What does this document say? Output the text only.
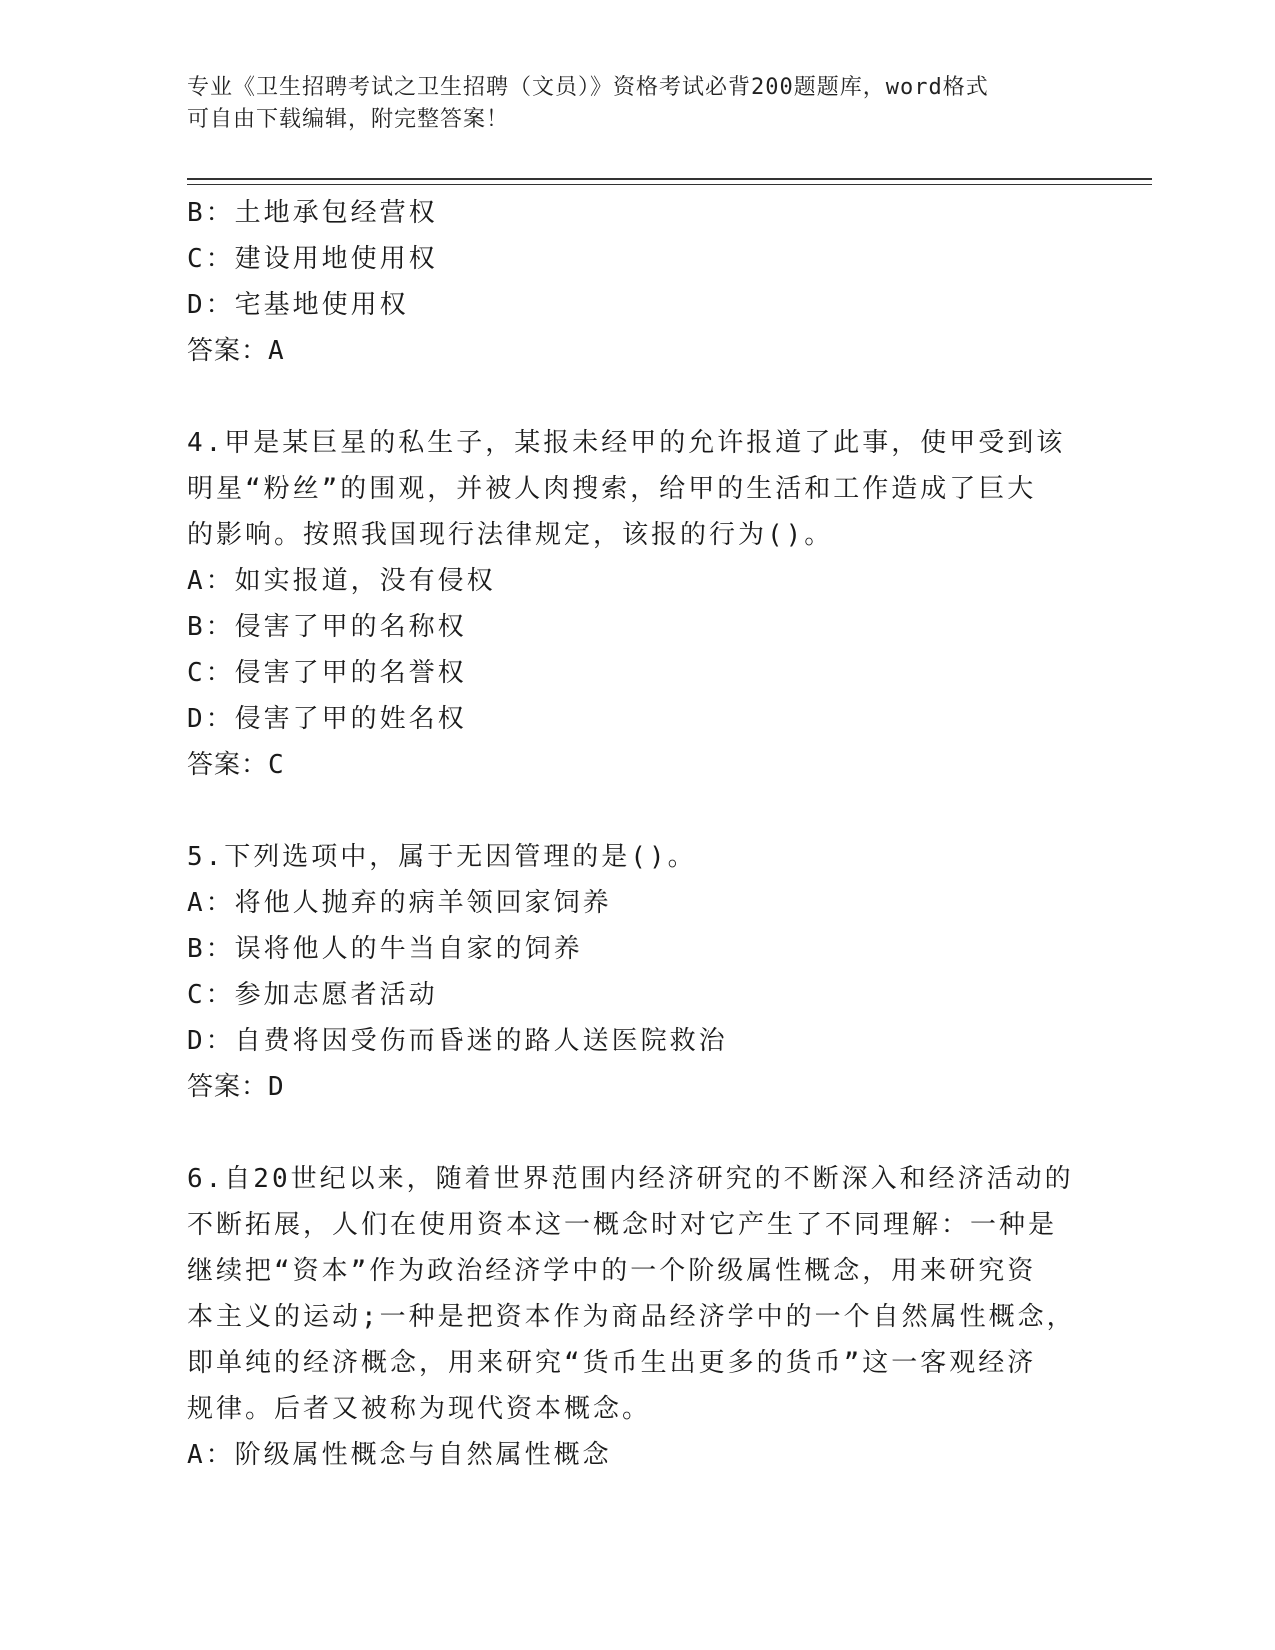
专业《卫生招聘考试之卫生招聘（文员）》资格考试必背200题题库，word格式
可自由下载编辑，附完整答案！
B：土地承包经营权
C：建设用地使用权
D：宅基地使用权
答案：A
4.甲是某巨星的私生子，某报未经甲的允许报道了此事，使甲受到该
明星“粉丝”的围观，并被人肉搜索，给甲的生活和工作造成了巨大
的影响。按照我国现行法律规定，该报的行为()。
A：如实报道，没有侵权
B：侵害了甲的名称权
C：侵害了甲的名誉权
D：侵害了甲的姓名权
答案：C
5.下列选项中，属于无因管理的是()。
A：将他人抛弃的病羊领回家饲养
B：误将他人的牛当自家的饲养
C：参加志愿者活动
D：自费将因受伤而昏迷的路人送医院救治
答案：D
6.自20世纪以来，随着世界范围内经济研究的不断深入和经济活动的
不断拓展，人们在使用资本这一概念时对它产生了不同理解：一种是
继续把“资本”作为政治经济学中的一个阶级属性概念，用来研究资
本主义的运动;一种是把资本作为商品经济学中的一个自然属性概念，
即单纯的经济概念，用来研究“货币生出更多的货币”这一客观经济
规律。后者又被称为现代资本概念。
A：阶级属性概念与自然属性概念
